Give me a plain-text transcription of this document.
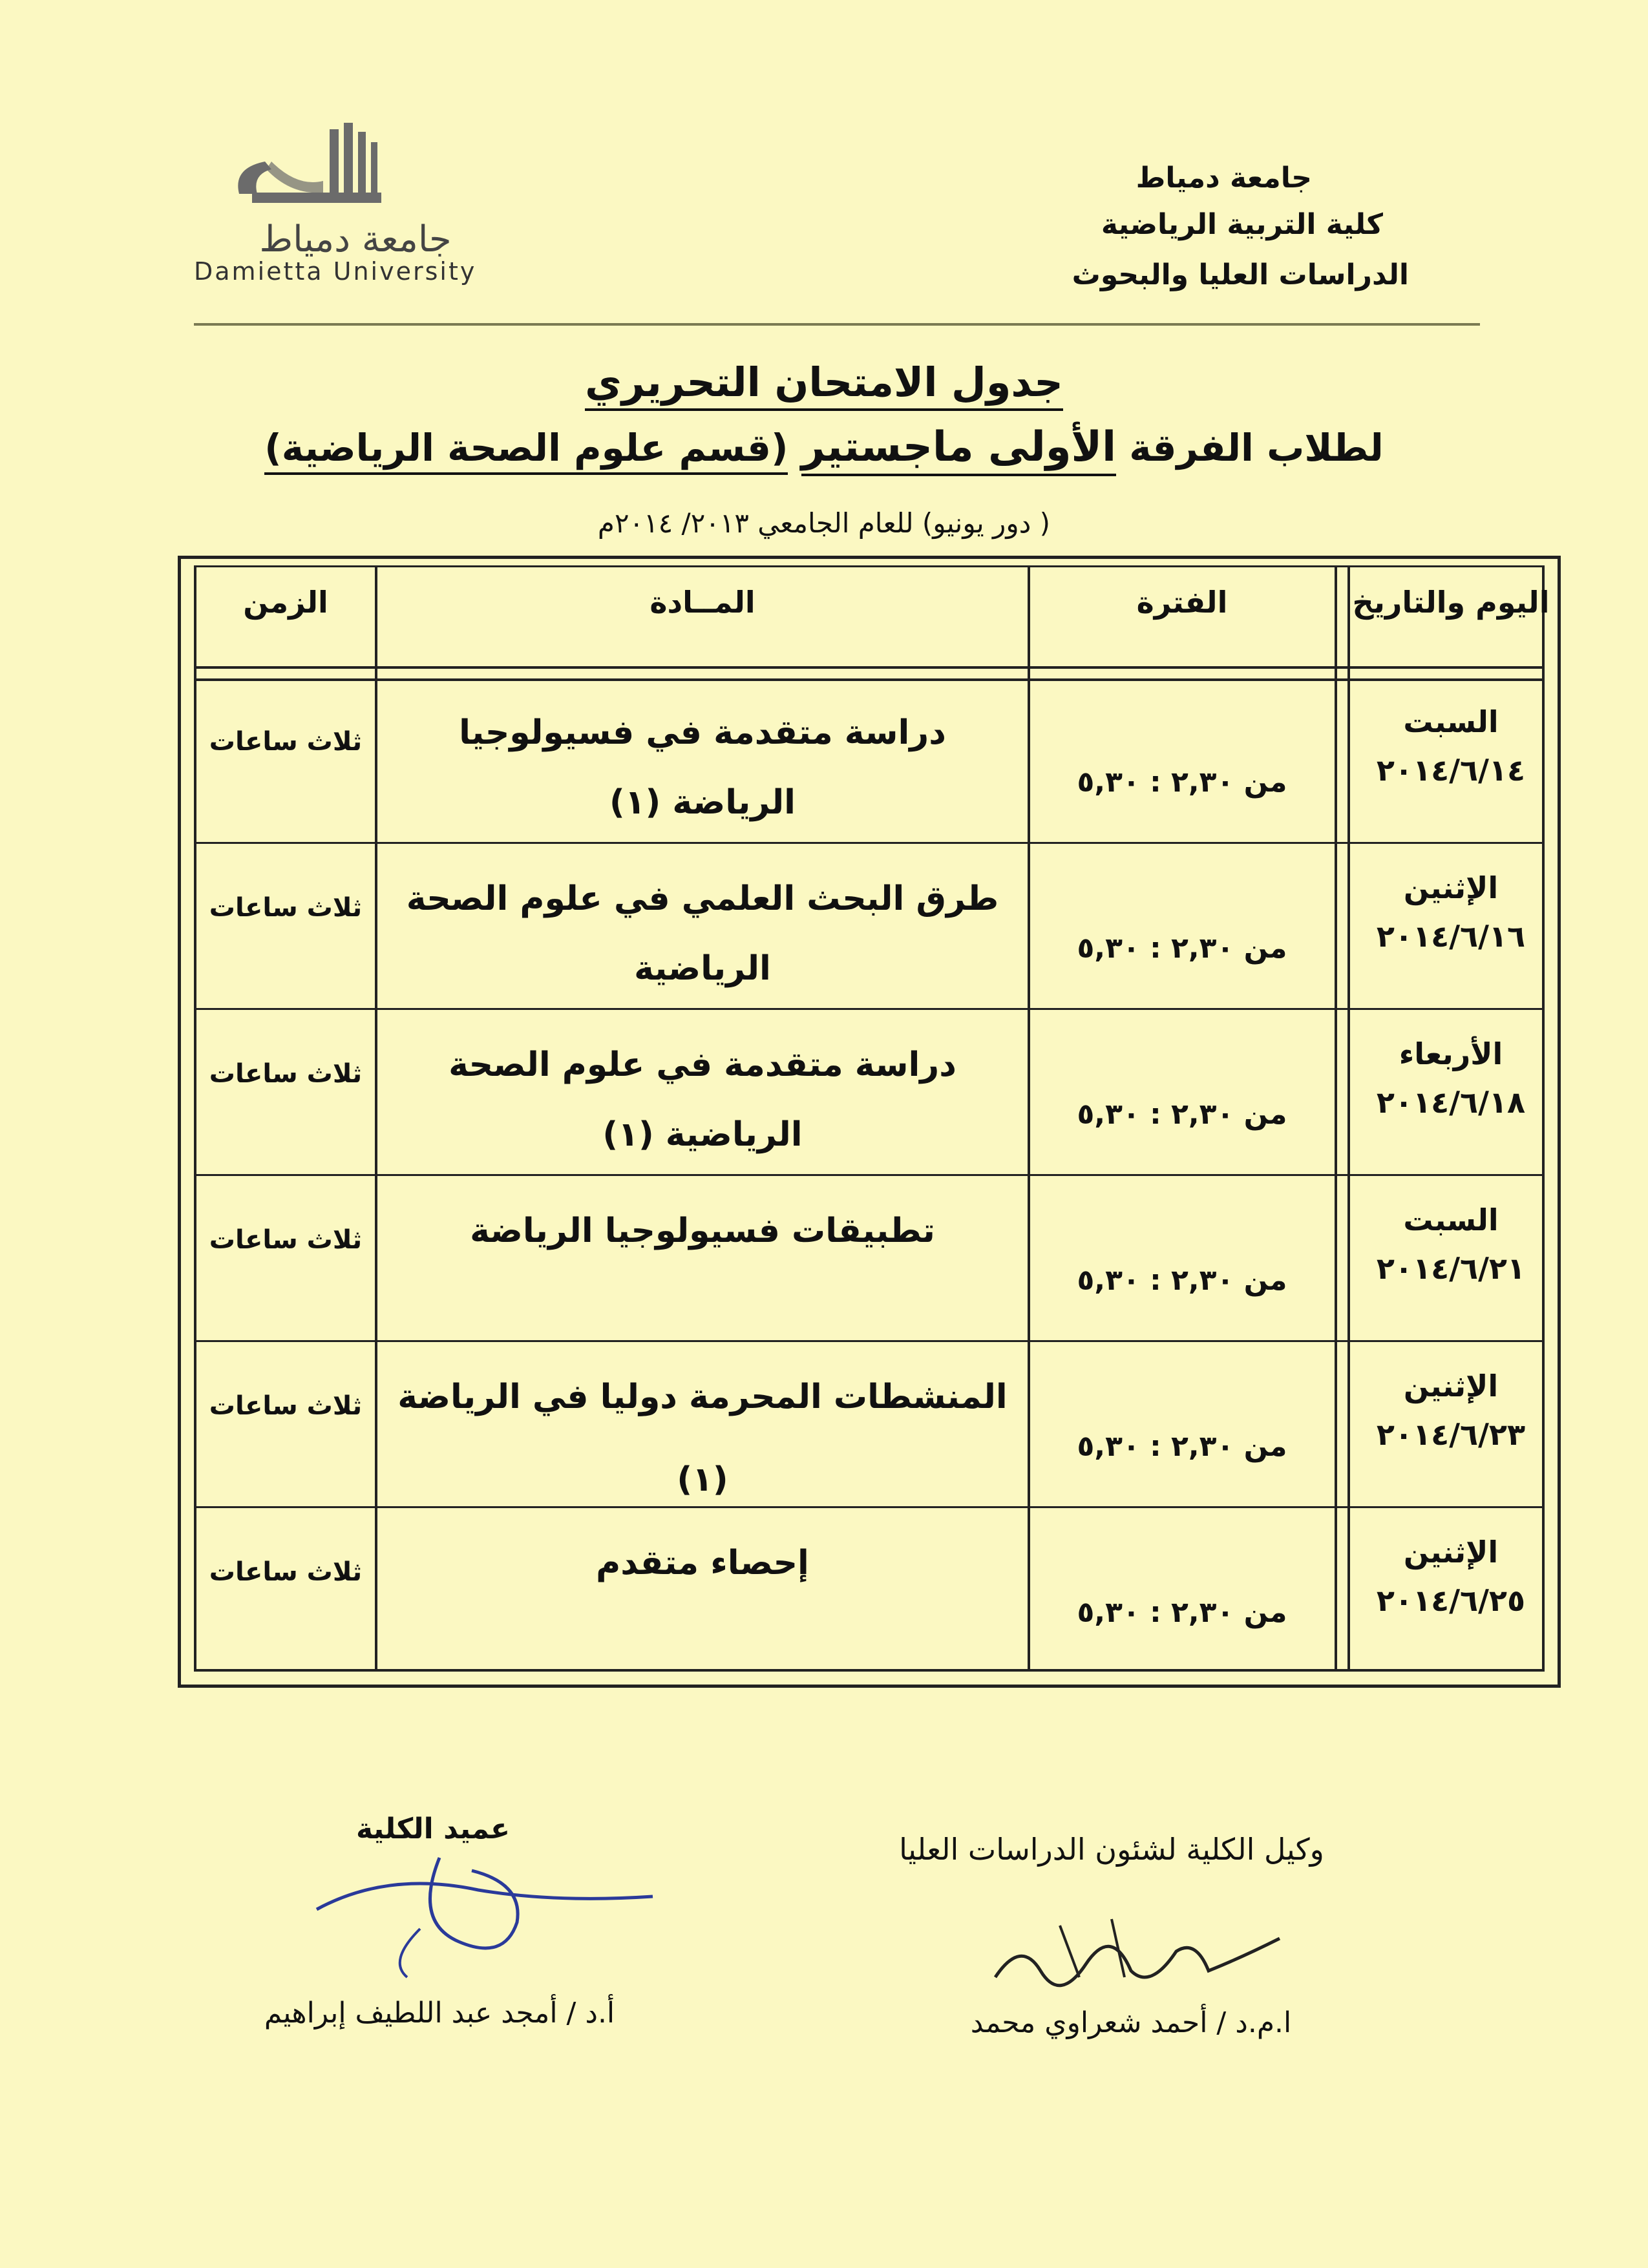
جامعة دمياط
Damietta University
جامعة دمياط
كلية التربية الرياضية
الدراسات العليا والبحوث
جدول الامتحان التحريري
لطلاب الفرقة الأولى ماجستير (قسم علوم الصحة الرياضية)
( دور يونيو) للعام الجامعي ٢٠١٣/ ٢٠١٤م
اليوم والتاريخ
الفترة
المــادة
الزمن
السبت
٢٠١٤/٦/١٤
من ٢,٣٠ : ٥,٣٠
دراسة متقدمة في فسيولوجيا
الرياضة (١)
ثلاث ساعات
الإثنين
٢٠١٤/٦/١٦
من ٢,٣٠ : ٥,٣٠
طرق البحث العلمي في علوم الصحة
الرياضية
ثلاث ساعات
الأربعاء
٢٠١٤/٦/١٨
من ٢,٣٠ : ٥,٣٠
دراسة متقدمة في علوم الصحة
الرياضية (١)
ثلاث ساعات
السبت
٢٠١٤/٦/٢١
من ٢,٣٠ : ٥,٣٠
تطبيقات فسيولوجيا الرياضة
ثلاث ساعات
الإثنين
٢٠١٤/٦/٢٣
من ٢,٣٠ : ٥,٣٠
المنشطات المحرمة دوليا في الرياضة (١)
ثلاث ساعات
الإثنين
٢٠١٤/٦/٢٥
من ٢,٣٠ : ٥,٣٠
إحصاء متقدم
ثلاث ساعات
وكيل الكلية لشئون الدراسات العليا
ا.م.د / أحمد شعراوي محمد
عميد الكلية
أ.د / أمجد عبد اللطيف إبراهيم
